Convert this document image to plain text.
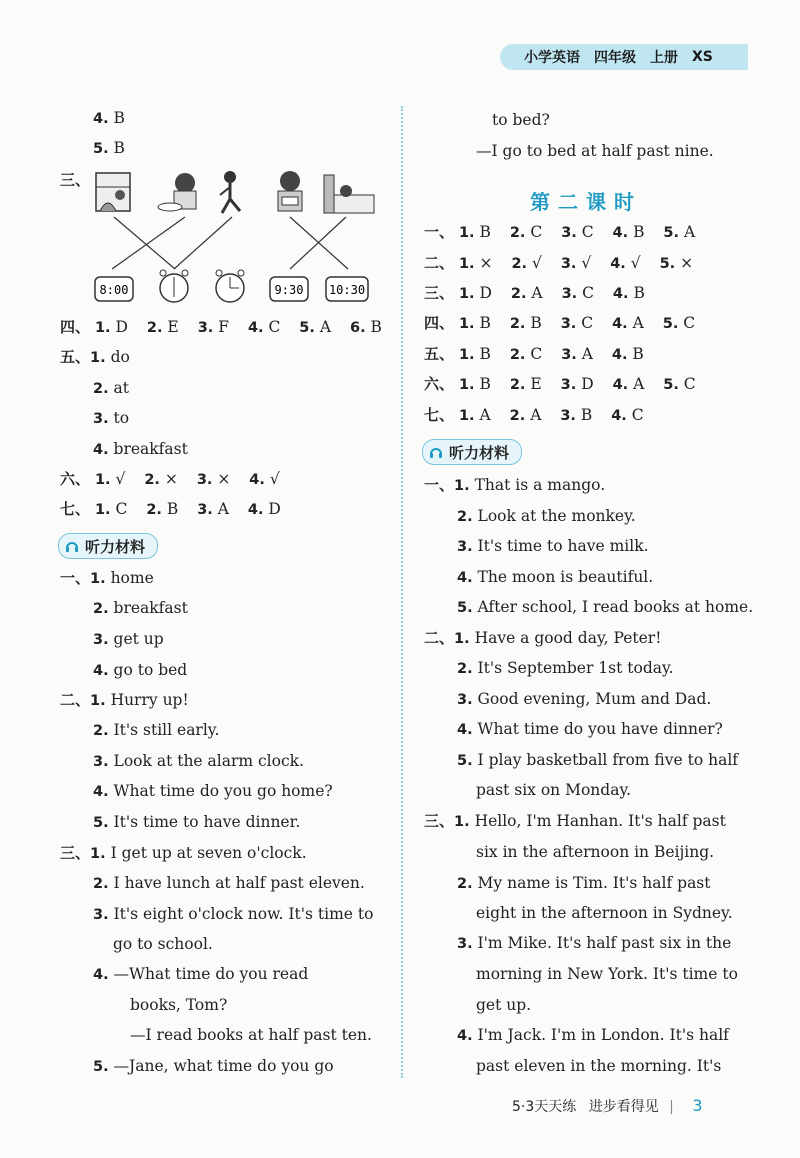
小学英语 四年级 上册 XS
4. B
5. B
三、
8:00	9:30 10:30
四、 1. D 2. E 3. F 4. C 5. A 6. B
五、1. do
2. at
3. to
4. breakfast
六、 1. √ 2. × 3. × 4. √
七、 1. C 2. B 3. A 4. D
听力材料
一、1. home
2. breakfast
3. get up
4. go to bed
二、1. Hurry up!
2. It's still early.
3. Look at the alarm clock.
4. What time do you go home?
5. It's time to have dinner.
三、1. I get up at seven o'clock.
2. I have lunch at half past eleven.
3. It's eight o'clock now. It's time to
go to school.
4. —What time do you read
books, Tom?
—I read books at half past ten.
5. —Jane, what time do you go
to bed?
—I go to bed at half past nine.
第二课时
一、 1. B 2. C 3. C 4. B 5. A
二、 1. × 2. √ 3. √ 4. √ 5. ×
三、 1. D 2. A 3. C 4. B
四、 1. B 2. B 3. C 4. A 5. C
五、 1. B 2. C 3. A 4. B
六、 1. B 2. E 3. D 4. A 5. C
七、 1. A 2. A 3. B 4. C
听力材料
一、1. That is a mango.
2. Look at the monkey.
3. It's time to have milk.
4. The moon is beautiful.
5. After school, I read books at home.
二、1. Have a good day, Peter!
2. It's September 1st today.
3. Good evening, Mum and Dad.
4. What time do you have dinner?
5. I play basketball from five to half
past six on Monday.
三、1. Hello, I'm Hanhan. It's half past
six in the afternoon in Beijing.
2. My name is Tim. It's half past
eight in the afternoon in Sydney.
3. I'm Mike. It's half past six in the
morning in New York. It's time to
get up.
4. I'm Jack. I'm in London. It's half
past eleven in the morning. It's
5·3天天练 进步看得见 | 3
